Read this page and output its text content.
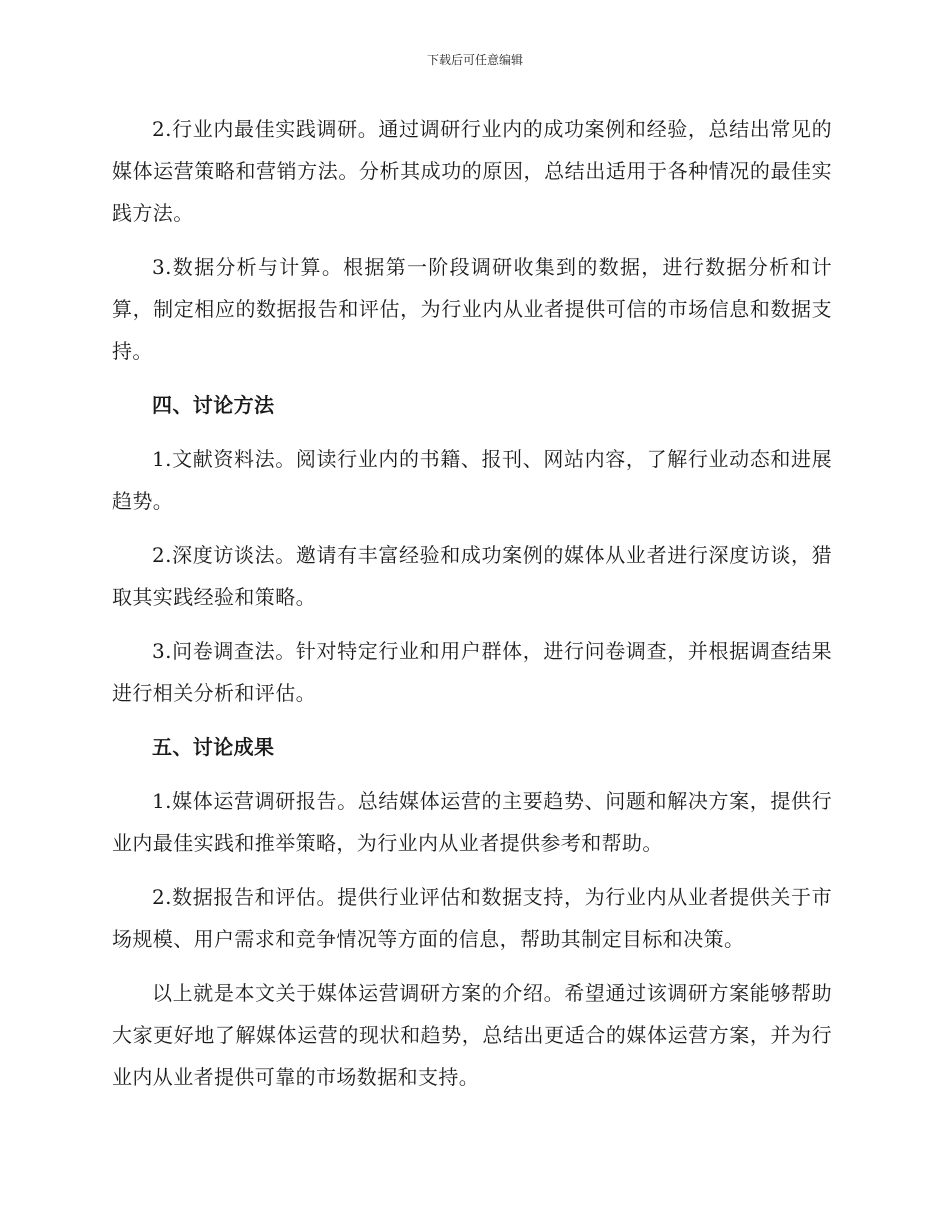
下载后可任意编辑

2.行业内最佳实践调研。通过调研行业内的成功案例和经验，总结出常见的媒体运营策略和营销方法。分析其成功的原因，总结出适用于各种情况的最佳实践方法。

3.数据分析与计算。根据第一阶段调研收集到的数据，进行数据分析和计算，制定相应的数据报告和评估，为行业内从业者提供可信的市场信息和数据支持。

四、讨论方法

1.文献资料法。阅读行业内的书籍、报刊、网站内容，了解行业动态和进展趋势。

2.深度访谈法。邀请有丰富经验和成功案例的媒体从业者进行深度访谈，猎取其实践经验和策略。

3.问卷调查法。针对特定行业和用户群体，进行问卷调查，并根据调查结果进行相关分析和评估。

五、讨论成果

1.媒体运营调研报告。总结媒体运营的主要趋势、问题和解决方案，提供行业内最佳实践和推举策略，为行业内从业者提供参考和帮助。

2.数据报告和评估。提供行业评估和数据支持，为行业内从业者提供关于市场规模、用户需求和竞争情况等方面的信息，帮助其制定目标和决策。

以上就是本文关于媒体运营调研方案的介绍。希望通过该调研方案能够帮助大家更好地了解媒体运营的现状和趋势，总结出更适合的媒体运营方案，并为行业内从业者提供可靠的市场数据和支持。
